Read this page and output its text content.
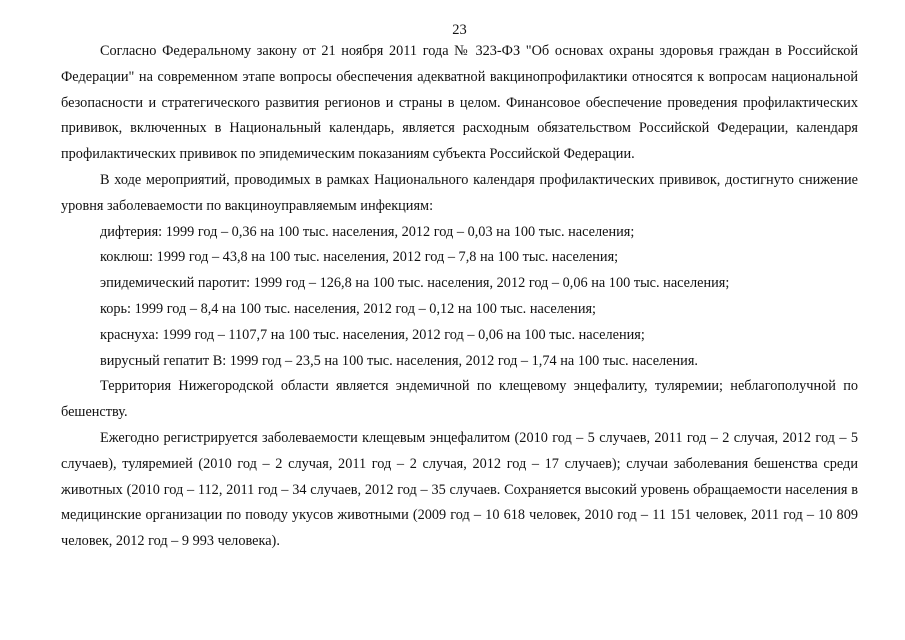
23

Согласно Федеральному закону от 21 ноября 2011 года № 323-ФЗ "Об основах охраны здоровья граждан в Российской Федерации" на современном этапе вопросы обеспечения адекватной вакцинопрофилактики относятся к вопросам национальной безопасности и стратегического развития регионов и страны в целом. Финансовое обеспечение проведения профилактических прививок, включенных в Национальный календарь, является расходным обязательством Российской Федерации, календаря профилактических прививок по эпидемическим показаниям субъекта Российской Федерации.

В ходе мероприятий, проводимых в рамках Национального календаря профилактических прививок, достигнуто снижение уровня заболеваемости по вакциноуправляемым инфекциям:

дифтерия: 1999 год – 0,36 на 100 тыс. населения, 2012 год – 0,03 на 100 тыс. населения;

коклюш: 1999 год – 43,8 на 100 тыс. населения, 2012 год – 7,8 на 100 тыс. населения;

эпидемический паротит: 1999 год – 126,8 на 100 тыс. населения, 2012 год – 0,06 на 100 тыс. населения;

корь: 1999 год – 8,4 на 100 тыс. населения, 2012 год – 0,12 на 100 тыс. населения;

краснуха: 1999 год – 1107,7 на 100 тыс. населения, 2012 год – 0,06 на 100 тыс. населения;

вирусный гепатит В: 1999 год – 23,5 на 100 тыс. населения, 2012 год – 1,74 на 100 тыс. населения.

Территория Нижегородской области является эндемичной по клещевому энцефалиту, туляремии; неблагополучной по бешенству.

Ежегодно регистрируется заболеваемости клещевым энцефалитом (2010 год – 5 случаев, 2011 год – 2 случая, 2012 год – 5 случаев), туляремией (2010 год – 2 случая, 2011 год – 2 случая, 2012 год – 17 случаев); случаи заболевания бешенства среди животных (2010 год – 112, 2011 год – 34 случаев, 2012 год – 35 случаев. Сохраняется высокий уровень обращаемости населения в медицинские организации по поводу укусов животными (2009 год – 10 618 человек, 2010 год – 11 151 человек, 2011 год – 10 809 человек, 2012 год – 9 993 человека).
